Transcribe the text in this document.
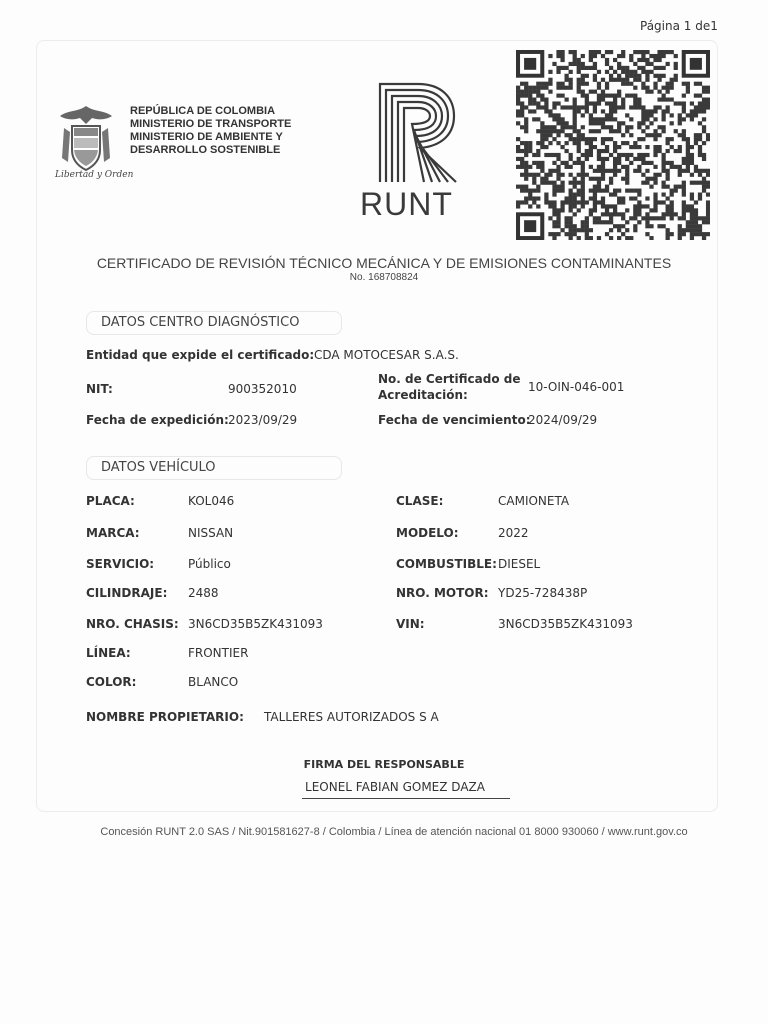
Página 1 de1
Libertad y Orden
REPÚBLICA DE COLOMBIA
MINISTERIO DE TRANSPORTE
MINISTERIO DE AMBIENTE Y
DESARROLLO SOSTENIBLE
RUNT
CERTIFICADO DE REVISIÓN TÉCNICO MECÁNICA Y DE EMISIONES CONTAMINANTES
No. 168708824
DATOS CENTRO DIAGNÓSTICO
Entidad que expide el certificado: CDA MOTOCESAR S.A.S.
NIT:	900352010
No. de Certificado de Acreditación:
10-OIN-046-001
Fecha de expedición: 2023/09/29	Fecha de vencimiento:
2024/09/29
DATOS VEHÍCULO
PLACA:	KOL046	CLASE:	CAMIONETA
MARCA:	NISSAN	MODELO:	2022
SERVICIO:	Público	COMBUSTIBLE: DIESEL
CILINDRAJE: 2488	NRO. MOTOR: YD25-728438P
NRO. CHASIS: 3N6CD35B5ZK431093	VIN:	3N6CD35B5ZK431093
LÍNEA:	FRONTIER
COLOR:	BLANCO
NOMBRE PROPIETARIO: TALLERES AUTORIZADOS S A
FIRMA DEL RESPONSABLE
LEONEL FABIAN GOMEZ DAZA
Concesión RUNT 2.0 SAS / Nit.901581627-8 / Colombia / Línea de atención nacional 01 8000 930060 / www.runt.gov.co
